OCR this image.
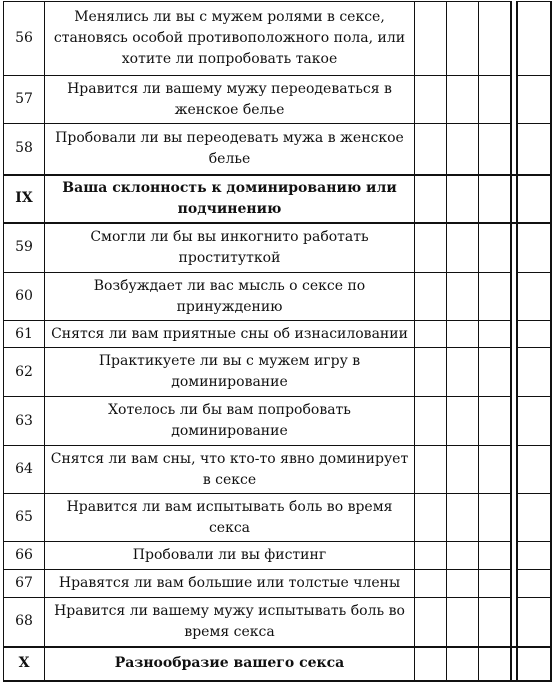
56	Менялись ли вы с мужем ролями в сексе, становясь особой противоположного пола, или хотите ли попробовать такое					
57	Нравится ли вашему мужу переодеваться в женское белье					
58	Пробовали ли вы переодевать мужа в женское белье					
IX	Ваша склонность к доминированию или подчинению					
59	Смогли ли бы вы инкогнито работать проституткой					
60	Возбуждает ли вас мысль о сексе по принуждению					
61	Снятся ли вам приятные сны об изнасиловании					
62	Практикуете ли вы с мужем игру в доминирование					
63	Хотелось ли бы вам попробовать доминирование					
64	Снятся ли вам сны, что кто-то явно доминирует в сексе					
65	Нравится ли вам испытывать боль во время секса					
66	Пробовали ли вы фистинг					
67	Нравятся ли вам большие или толстые члены					
68	Нравится ли вашему мужу испытывать боль во время секса					
X	Разнообразие вашего секса					
